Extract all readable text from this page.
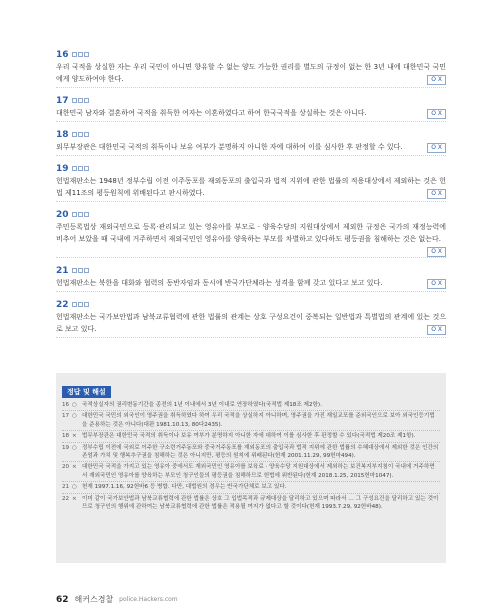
16
우리 국적을 상실한 자는 우리 국민이 아니면 향유할 수 없는 양도 가능한 권리를 별도의 규정이 없는 한 3년 내에 대한민국 국민에게 양도하여야 한다.	O X
17
대한민국 남자와 결혼하여 국적을 취득한 여자는 이혼하였다고 하여 한국국적을 상실하는 것은 아니다.	O X
18
외무부장관은 대한민국 국적의 취득이나 보유 여부가 분명하지 아니한 자에 대하여 이를 심사한 후 판정할 수 있다.	O X
19
헌법재판소는 1948년 정부수립 이전 이주동포를 재외동포의 출입국과 법적 지위에 관한 법률의 적용대상에서 제외하는 것은 헌법 제11조의 평등원칙에 위배된다고 판시하였다.	O X
20
주민등록법상 재외국민으로 등록·관리되고 있는 영유아를 부모로 · 양육수당의 지원대상에서 제외한 규정은 국가의 재정능력에 비추어 보았을 때 국내에 거주하면서 재외국민인 영유아를 양육하는 부모를 차별하고 있다하도 평등권을 침해하는 것은 없는다.
O X
21
헌법재판소는 북한을 대화와 협력의 동반자임과 동시에 반국가단체라는 성격을 함께 갖고 있다고 보고 있다.	O X
22
헌법재판소는 국가보안법과 남북교류협력에 관한 법률의 관계는 상호 구성요건이 중복되는 일반법과 특별법의 관계에 있는 것으로 보고 있다.	O X
정답 및 해설
16 ○ 국적상실자의 권리변동기간을 종전의 1년 이내에서 3년 이내로 연장하였다(국적법 제18조 제2항).
17 ○ 대한민국 국민의 외국인이 영주권을 취득하였다 하여 우리 국적을 상실하지 아니하며, 영주권을 가진 재일교포를 준외국인으로 보아 외국인등기법을 준용하는 것은 아니다(대판 1981.10.13, 80다2435).
18 × 법무부장관은 대한민국 국적의 취득이나 보유 여부가 분명하지 아니한 자에 대하여 이를 심사한 후 판정할 수 있다(국적법 제20조 제1항).
19 ○ 정부수립 이전에 국외로 이주한 구소련거주동포와 중국거주동포를 재외동포의 출입국과 법적 지위에 관한 법률의 수혜대상에서 제외한 것은 인간의 존엄과 가치 및 행복추구권을 침해하는 것은 아니지만, 평등의 원칙에 위배된다(헌재 2001.11.29, 99헌마494).
20 × 대한민국 국적을 가지고 있는 영유아 중에서도 재외국민인 영유아를 보육료 · 양육수당 지원대상에서 제외하는 보건복지부지침이 국내에 거주하면서 재외국민인 영유아를 양육하는 부모인 청구인들의 평등권을 침해하므로 헌법에 위반된다(헌재 2018.1.25, 2015헌마1047).
21 ○ 헌재 1997.1.16, 92헌바6 등 병합. 다만, 대법원의 경우는 반국가단체로 보고 있다.
22 × 이미 같이 국가보안법과 남북교류협력에 관한 법률은 상호 그 입법목적과 규제대상을 달리하고 있으며 따라서 … 그 구성요건을 달리하고 있는 것이므로 청구인의 행위에 관하여는 남북교류협력에 관한 법률은 적용될 여지가 없다고 할 것이다(헌재 1993.7.29, 92헌바48).
62 해커스경찰 police.Hackers.com
